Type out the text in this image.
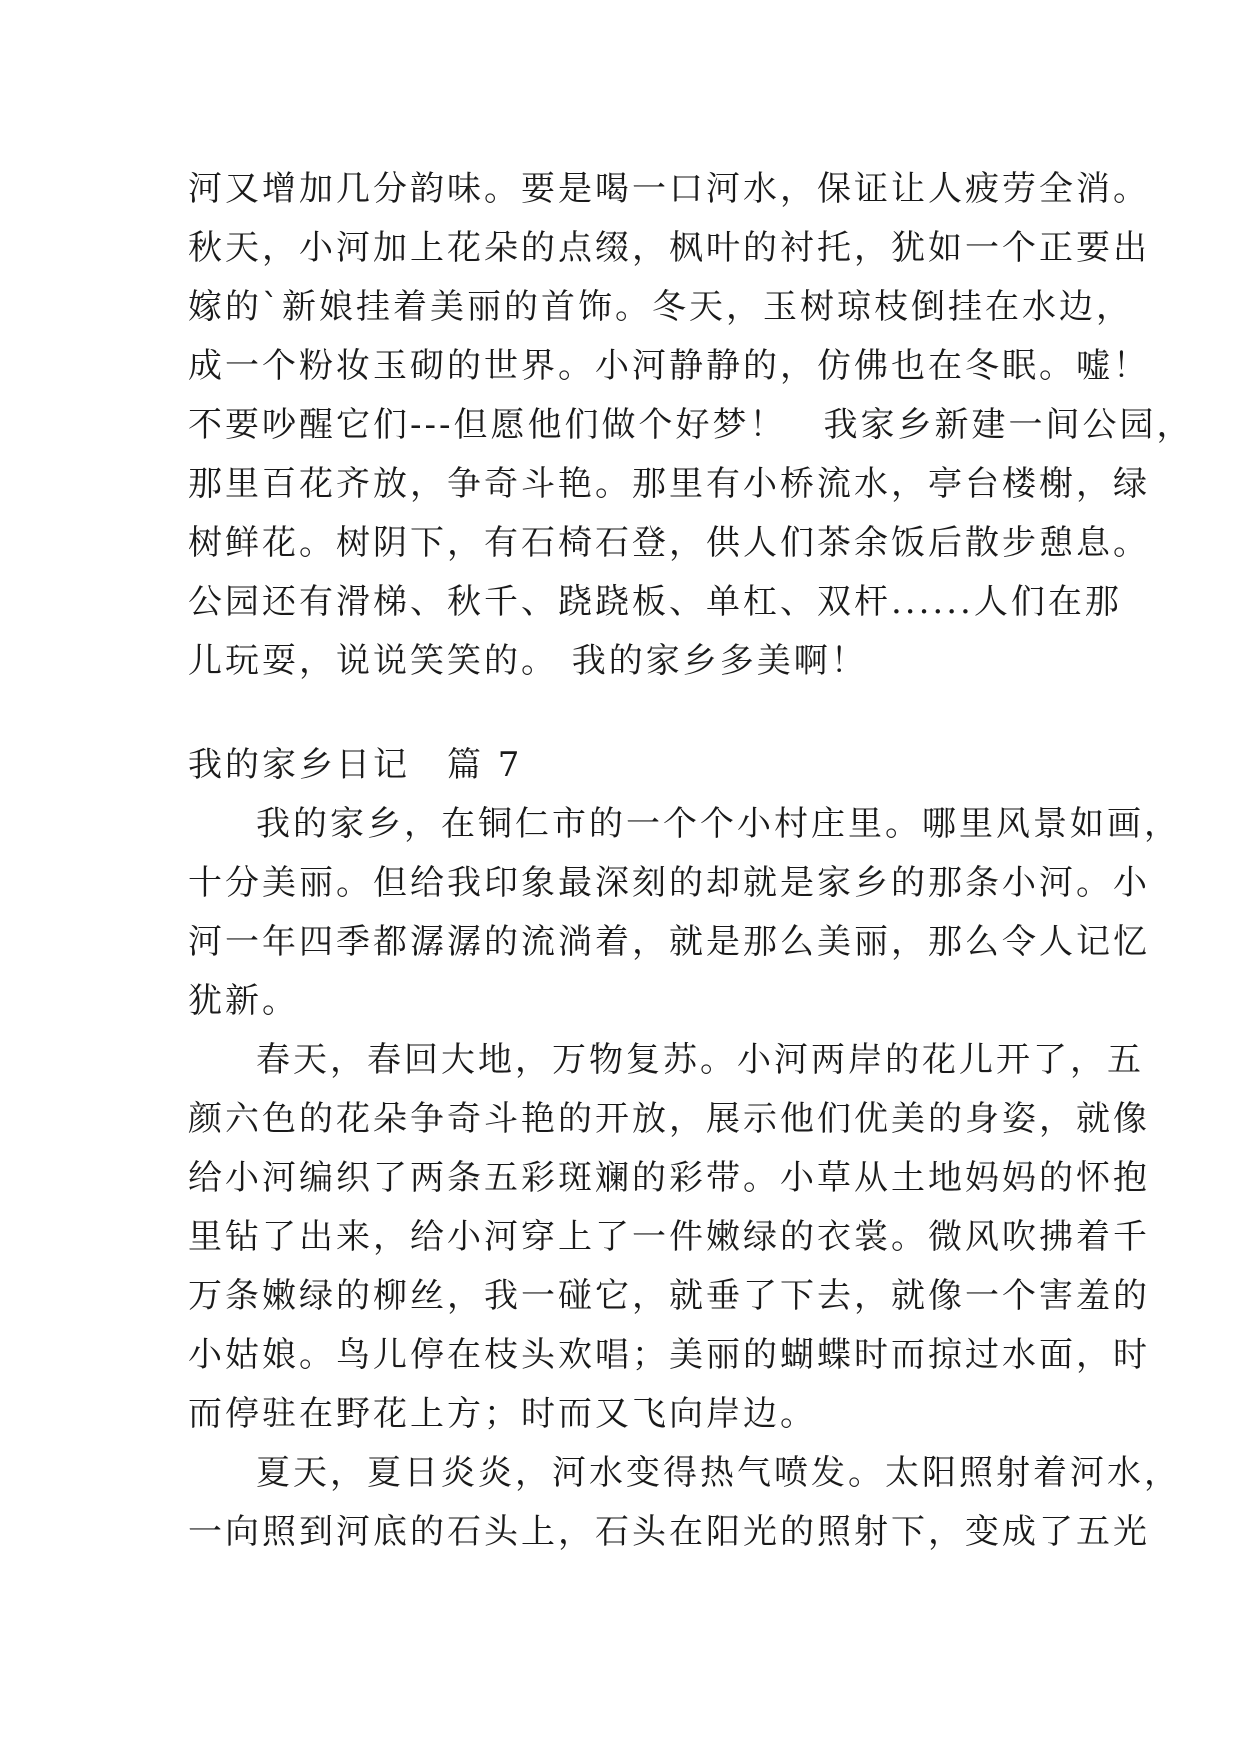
河又增加几分韵味。要是喝一口河水，保证让人疲劳全消。
秋天，小河加上花朵的点缀，枫叶的衬托，犹如一个正要出
嫁的`新娘挂着美丽的首饰。冬天，玉树琼枝倒挂在水边，
成一个粉妆玉砌的世界。小河静静的，仿佛也在冬眠。嘘！
不要吵醒它们---但愿他们做个好梦！　我家乡新建一间公园，
那里百花齐放，争奇斗艳。那里有小桥流水，亭台楼榭，绿
树鲜花。树阴下，有石椅石登，供人们茶余饭后散步憩息。
公园还有滑梯、秋千、跷跷板、单杠、双杆......人们在那
儿玩耍，说说笑笑的。 我的家乡多美啊！
我的家乡日记　篇 7
我的家乡，在铜仁市的一个个小村庄里。哪里风景如画，
十分美丽。但给我印象最深刻的却就是家乡的那条小河。小
河一年四季都潺潺的流淌着，就是那么美丽，那么令人记忆
犹新。
春天，春回大地，万物复苏。小河两岸的花儿开了，五
颜六色的花朵争奇斗艳的开放，展示他们优美的身姿，就像
给小河编织了两条五彩斑斓的彩带。小草从土地妈妈的怀抱
里钻了出来，给小河穿上了一件嫩绿的衣裳。微风吹拂着千
万条嫩绿的柳丝，我一碰它，就垂了下去，就像一个害羞的
小姑娘。鸟儿停在枝头欢唱；美丽的蝴蝶时而掠过水面，时
而停驻在野花上方；时而又飞向岸边。
夏天，夏日炎炎，河水变得热气喷发。太阳照射着河水，
一向照到河底的石头上，石头在阳光的照射下，变成了五光
